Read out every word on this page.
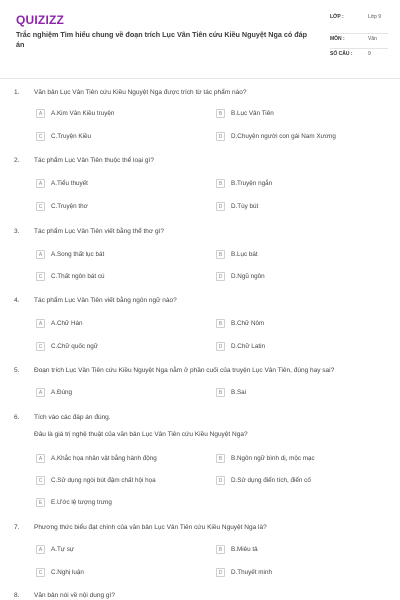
QUIZIZZ
Trắc nghiệm Tìm hiểu chung về đoạn trích Lục Vân Tiên cứu Kiều Nguyệt Nga có đáp án
LỚP :	Lớp 9
MÔN :	Văn
SỐ CÂU :	9
1. Văn bản Lục Vân Tiên cứu Kiều Nguyệt Nga được trích từ tác phẩm nào?
A	A.Kim Vân Kiều truyện	B	B.Lục Vân Tiên
C	C.Truyện Kiều	D	D.Chuyện người con gái Nam Xương
2. Tác phẩm Lục Vân Tiên thuộc thể loại gì?
A	A.Tiểu thuyết	B	B.Truyện ngắn
C	C.Truyện thơ	D	D.Tùy bút
3. Tác phẩm Lục Vân Tiên viết bằng thể thơ gì?
A	A.Song thất lục bát	B	B.Lục bát
C	C.Thất ngôn bát cú	D	D.Ngũ ngôn
4. Tác phẩm Lục Vân Tiên viết bằng ngôn ngữ nào?
A	A.Chữ Hán	B	B.Chữ Nôm
C	C.Chữ quốc ngữ	D	D.Chữ Latin
5. Đoạn trích Lục Vân Tiên cứu Kiều Nguyệt Nga nằm ở phần cuối của truyện Lục Vân Tiên, đúng hay sai?
A	A.Đúng	B	B.Sai
6. Tích vào các đáp án đúng.
Đâu là giá trị nghệ thuật của văn bản Lục Vân Tiên cứu Kiều Nguyệt Nga?
A	A.Khắc họa nhân vật bằng hành động	B	B.Ngôn ngữ bình dị, mộc mạc
C	C.Sử dụng ngòi bút đậm chất hội họa	D	D.Sử dụng điển tích, điển cố
E	E.Ước lệ tượng trưng
7. Phương thức biểu đạt chính của văn bản Lục Vân Tiên cứu Kiều Nguyệt Nga là?
A	A.Tự sự	B	B.Miêu tả
C	C.Nghị luận	D	D.Thuyết minh
8. Văn bản nói về nội dung gì?
